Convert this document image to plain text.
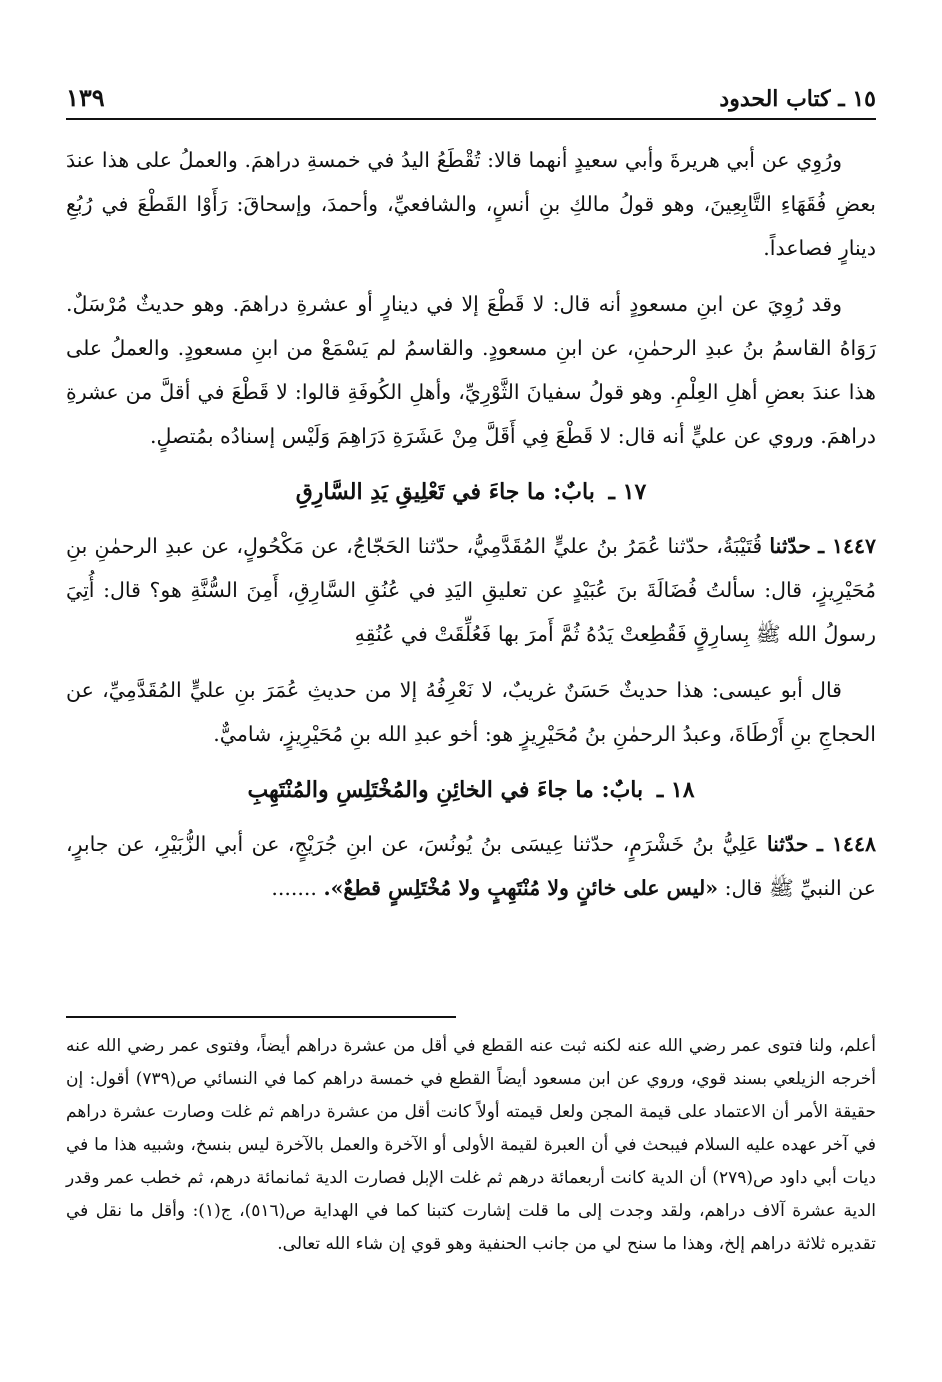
١٥ ـ كتاب الحدود
١٣٩

ورُوِي عن أبي هريرةَ وأبي سعيدٍ أنهما قالا: تُقْطَعُ اليدُ في خمسةِ دراهمَ. والعملُ على هذا عندَ بعضِ فُقَهَاءِ التَّابِعِينَ، وهو قولُ مالكِ بنِ أنسٍ، والشافعيِّ، وأحمدَ، وإسحاقَ: رَأَوْا القَطْعَ في رُبُعِ دينارٍ فصاعداً.

وقد رُوِيَ عن ابنِ مسعودٍ أنه قال: لا قَطْعَ إلا في دينارٍ أو عشرةِ دراهمَ. وهو حديثٌ مُرْسَلٌ. رَوَاهُ القاسمُ بنُ عبدِ الرحمٰنِ، عن ابنِ مسعودٍ. والقاسمُ لم يَسْمَعْ من ابنِ مسعودٍ. والعملُ على هذا عندَ بعضِ أهلِ العِلْمِ. وهو قولُ سفيانَ الثَّوْرِيِّ، وأهلِ الكُوفَةِ قالوا: لا قَطْعَ في أقلَّ من عشرةِ دراهمَ. وروي عن عليٍّ أنه قال: لا قَطْعَ فِي أَقَلَّ مِنْ عَشَرَةِ دَرَاهِمَ وَلَيْس إسنادُه بمُتصلٍ.

١٧ ـ بابٌ: ما جاءَ في تَعْلِيقِ يَدِ السَّارِقِ

١٤٤٧ ـ حدّثنا قُتَيْبَةُ، حدّثنا عُمَرُ بنُ عليٍّ المُقَدَّمِيُّ، حدّثنا الحَجّاجُ، عن مَكْحُولٍ، عن عبدِ الرحمٰنِ بنِ مُحَيْرِيزٍ، قال: سألتُ فُضَالَةَ بنَ عُبَيْدٍ عن تعليقِ اليَدِ في عُنُقِ السَّارِقِ، أَمِنَ السُّنَّةِ هو؟ قال: أُتِيَ رسولُ الله ﷺ بِسارِقٍ فَقُطِعتْ يَدُهُ ثُمَّ أَمرَ بها فَعُلِّقَتْ في عُنُقِهِ

قال أبو عيسى: هذا حديثٌ حَسَنٌ غريبٌ، لا نَعْرِفُهُ إلا من حديثِ عُمَرَ بنِ عليٍّ المُقَدَّمِيِّ، عن الحجاجِ بنِ أَرْطَاةَ، وعبدُ الرحمٰنِ بنُ مُحَيْرِيزٍ هو: أخو عبدِ الله بنِ مُحَيْرِيزٍ، شاميٌّ.

١٨ ـ بابٌ: ما جاءَ في الخائِنِ والمُخْتَلِسِ والمُنْتَهِبِ

١٤٤٨ ـ حدّثنا عَلِيُّ بنُ خَشْرَمٍ، حدّثنا عِيسَى بنُ يُونُسَ، عن ابنِ جُرَيْجٍ، عن أبي الزُّبَيْرِ، عن جابرٍ، عن النبيِّ ﷺ قال: «ليس على خائنٍ ولا مُنْتَهِبٍ ولا مُخْتَلِسٍ قطعٌ». .......

أعلم، ولنا فتوى عمر رضي الله عنه لكنه ثبت عنه القطع في أقل من عشرة دراهم أيضاً، وفتوى عمر رضي الله عنه أخرجه الزيلعي بسند قوي، وروي عن ابن مسعود أيضاً القطع في خمسة دراهم كما في النسائي ص(٧٣٩) أقول: إن حقيقة الأمر أن الاعتماد على قيمة المجن ولعل قيمته أولاً كانت أقل من عشرة دراهم ثم غلت وصارت عشرة دراهم في آخر عهده عليه السلام فيبحث في أن العبرة لقيمة الأولى أو الآخرة والعمل بالآخرة ليس بنسخ، وشبيه هذا ما في ديات أبي داود ص(٢٧٩) أن الدية كانت أربعمائة درهم ثم غلت الإبل فصارت الدية ثمانمائة درهم، ثم خطب عمر وقدر الدية عشرة آلاف دراهم، ولقد وجدت إلى ما قلت إشارت كتبنا كما في الهداية ص(٥١٦)، ج(١): وأقل ما نقل في تقديره ثلاثة دراهم إلخ، وهذا ما سنح لي من جانب الحنفية وهو قوي إن شاء الله تعالى.
